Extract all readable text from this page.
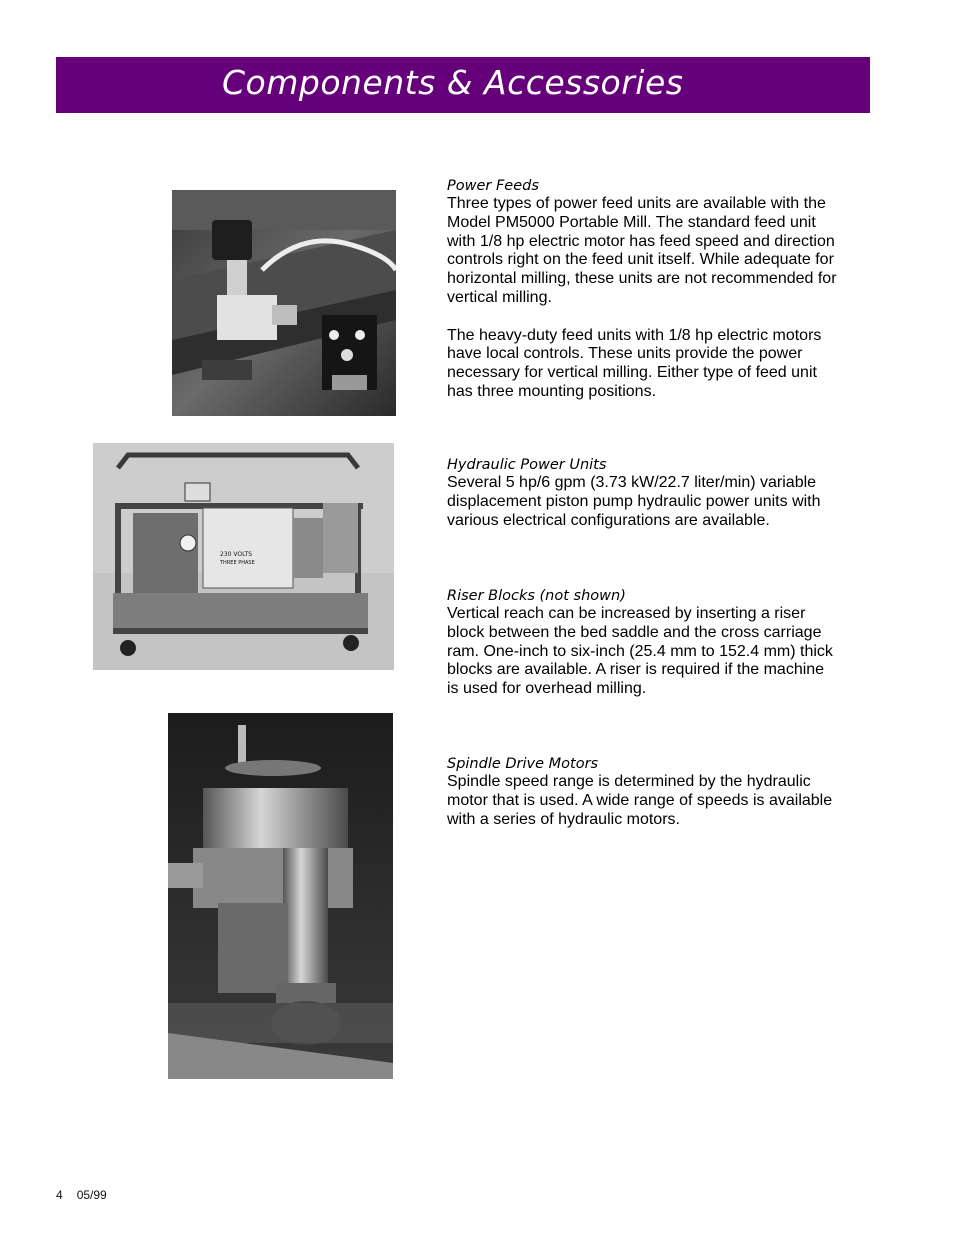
Components & Accessories
230 VOLTS
THREE PHASE
Power Feeds

Three types of power feed units are available with the Model PM5000 Portable Mill. The standard feed unit with 1/8 hp electric motor has feed speed and direction controls right on the feed unit itself. While adequate for horizontal milling, these units are not recommended for vertical milling.

The heavy-duty feed units with 1/8 hp electric motors have local controls. These units provide the power necessary for vertical milling. Either type of feed unit has three mounting positions.

Hydraulic Power Units

Several 5 hp/6 gpm (3.73 kW/22.7 liter/min) variable displacement piston pump hydraulic power units with various electrical configurations are available.

Riser Blocks (not shown)

Vertical reach can be increased by inserting a riser block between the bed saddle and the cross carriage ram. One-inch to six-inch (25.4 mm to 152.4 mm) thick blocks are available. A riser is required if the machine is used for overhead milling.

Spindle Drive Motors

Spindle speed range is determined by the hydraulic motor that is used. A wide range of speeds is available with a series of hydraulic motors.

4 05/99
